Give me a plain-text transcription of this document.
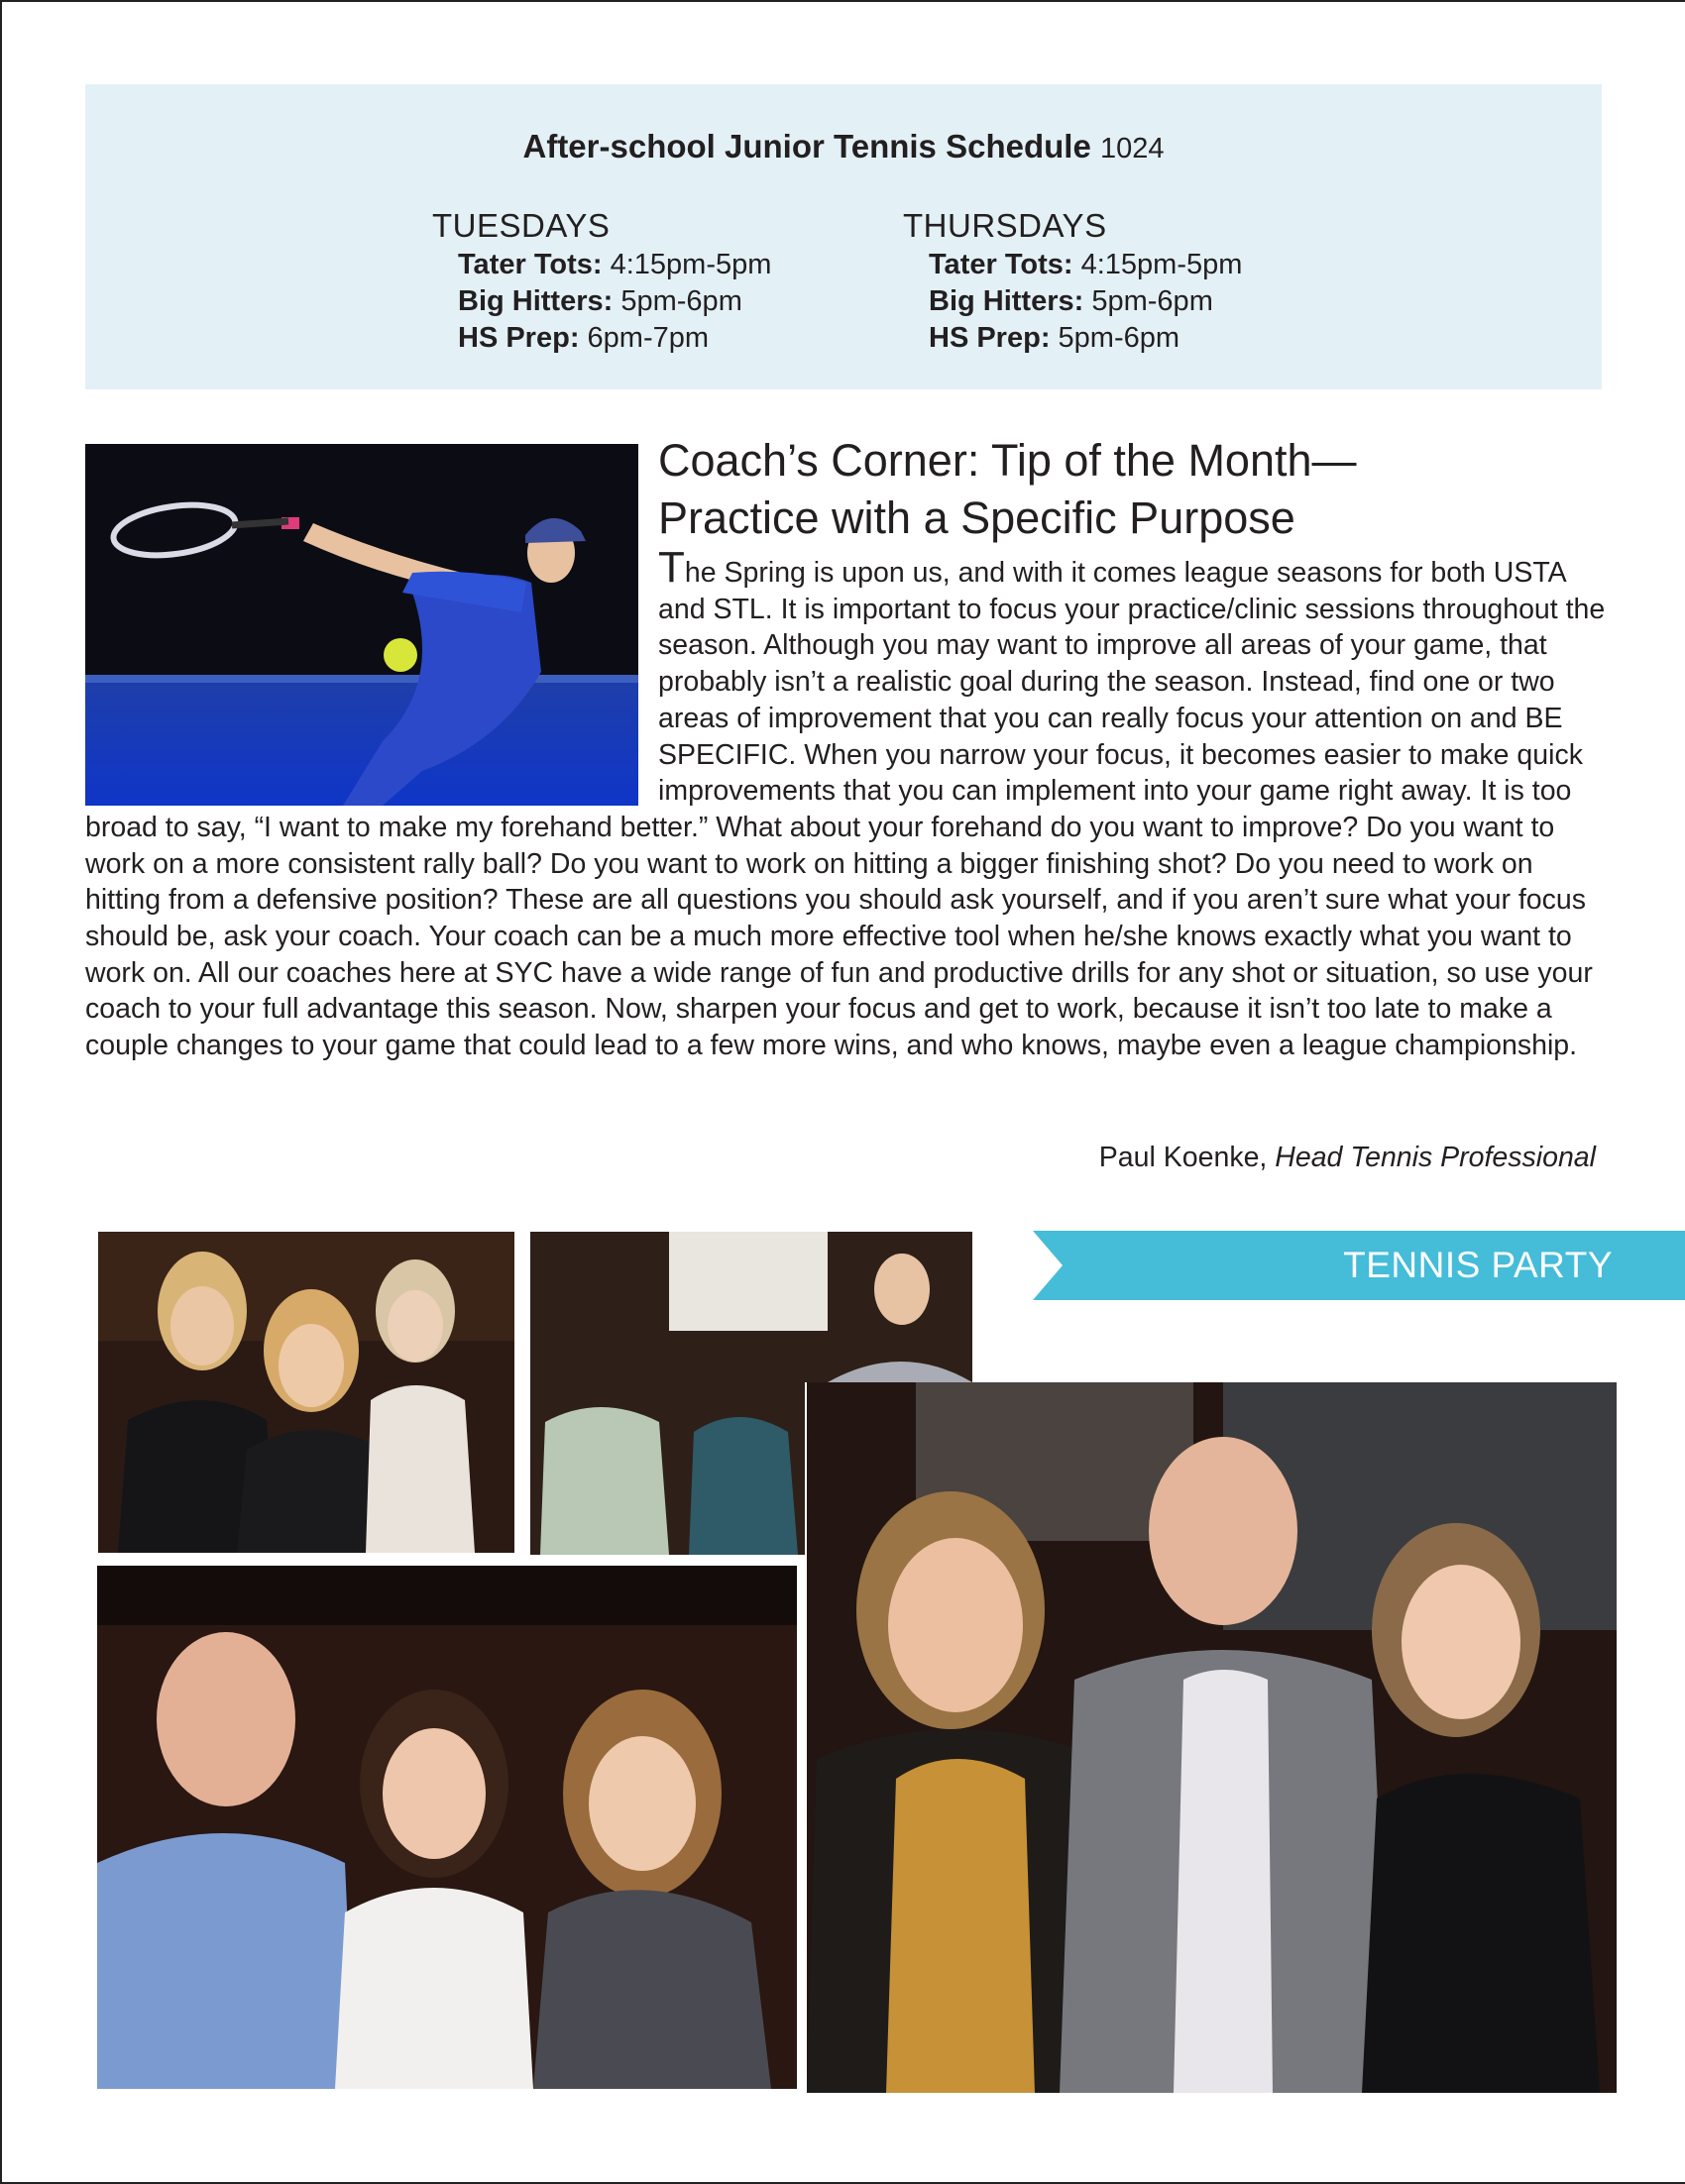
After-school Junior Tennis Schedule 1024
TUESDAYS
Tater Tots: 4:15pm-5pm
Big Hitters: 5pm-6pm
HS Prep: 6pm-7pm
THURSDAYS
Tater Tots: 4:15pm-5pm
Big Hitters: 5pm-6pm
HS Prep: 5pm-6pm
Coach’s Corner: Tip of the Month—
Practice with a Specific Purpose
The Spring is upon us, and with it comes league seasons for both USTA and STL. It is important to focus your practice/clinic sessions throughout the season. Although you may want to improve all areas of your game, that probably isn’t a realistic goal during the season. Instead, find one or two areas of improvement that you can really focus your attention on and BE SPECIFIC. When you narrow your focus, it becomes easier to make quick improvements that you can implement into your game right away. It is too broad to say, “I want to make my forehand better.” What about your forehand do you want to improve? Do you want to work on a more consistent rally ball? Do you want to work on hitting a bigger finishing shot? Do you need to work on hitting from a defensive position? These are all questions you should ask yourself, and if you aren’t sure what your focus should be, ask your coach. Your coach can be a much more effective tool when he/she knows exactly what you want to work on. All our coaches here at SYC have a wide range of fun and productive drills for any shot or situation, so use your coach to your full advantage this season. Now, sharpen your focus and get to work, because it isn’t too late to make a couple changes to your game that could lead to a few more wins, and who knows, maybe even a league championship.
Paul Koenke, Head Tennis Professional
TENNIS PARTY
